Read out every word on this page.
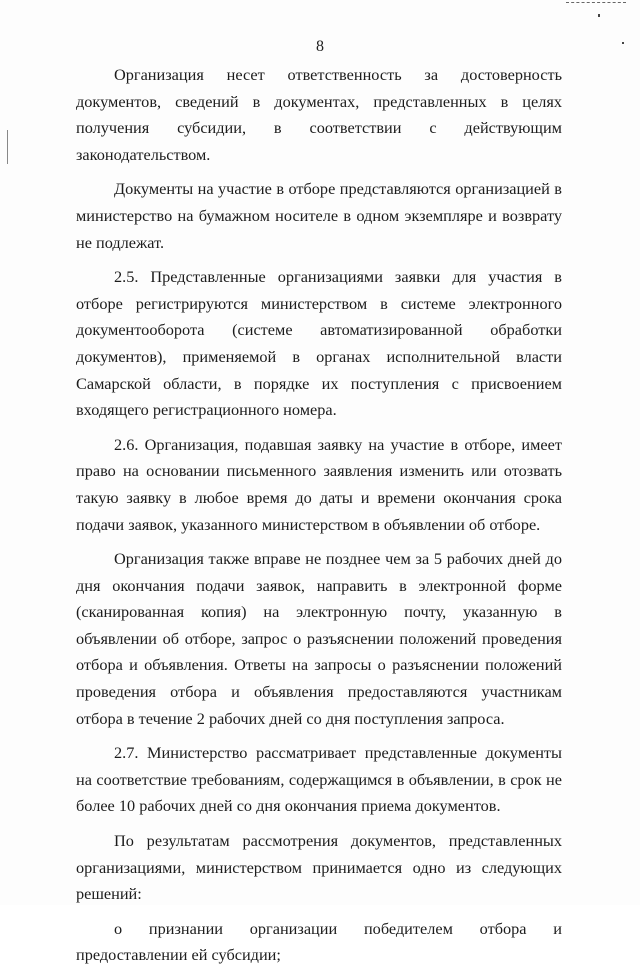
8

Организация несет ответственность за достоверность документов, сведений в документах, представленных в целях получения субсидии, в соответствии с действующим законодательством.

Документы на участие в отборе представляются организацией в министерство на бумажном носителе в одном экземпляре и возврату не подлежат.

2.5. Представленные организациями заявки для участия в отборе регистрируются министерством в системе электронного документооборота (системе автоматизированной обработки документов), применяемой в органах исполнительной власти Самарской области, в порядке их поступления с присвоением входящего регистрационного номера.

2.6. Организация, подавшая заявку на участие в отборе, имеет право на основании письменного заявления изменить или отозвать такую заявку в любое время до даты и времени окончания срока подачи заявок, указанного министерством в объявлении об отборе.

Организация также вправе не позднее чем за 5 рабочих дней до дня окончания подачи заявок, направить в электронной форме (сканированная копия) на электронную почту, указанную в объявлении об отборе, запрос о разъяснении положений проведения отбора и объявления. Ответы на запросы о разъяснении положений проведения отбора и объявления предоставляются участникам отбора в течение 2 рабочих дней со дня поступления запроса.

2.7. Министерство рассматривает представленные документы на соответствие требованиям, содержащимся в объявлении, в срок не более 10 рабочих дней со дня окончания приема документов.

По результатам рассмотрения документов, представленных организациями, министерством принимается одно из следующих решений:

о признании организации победителем отбора и предоставлении ей субсидии;
